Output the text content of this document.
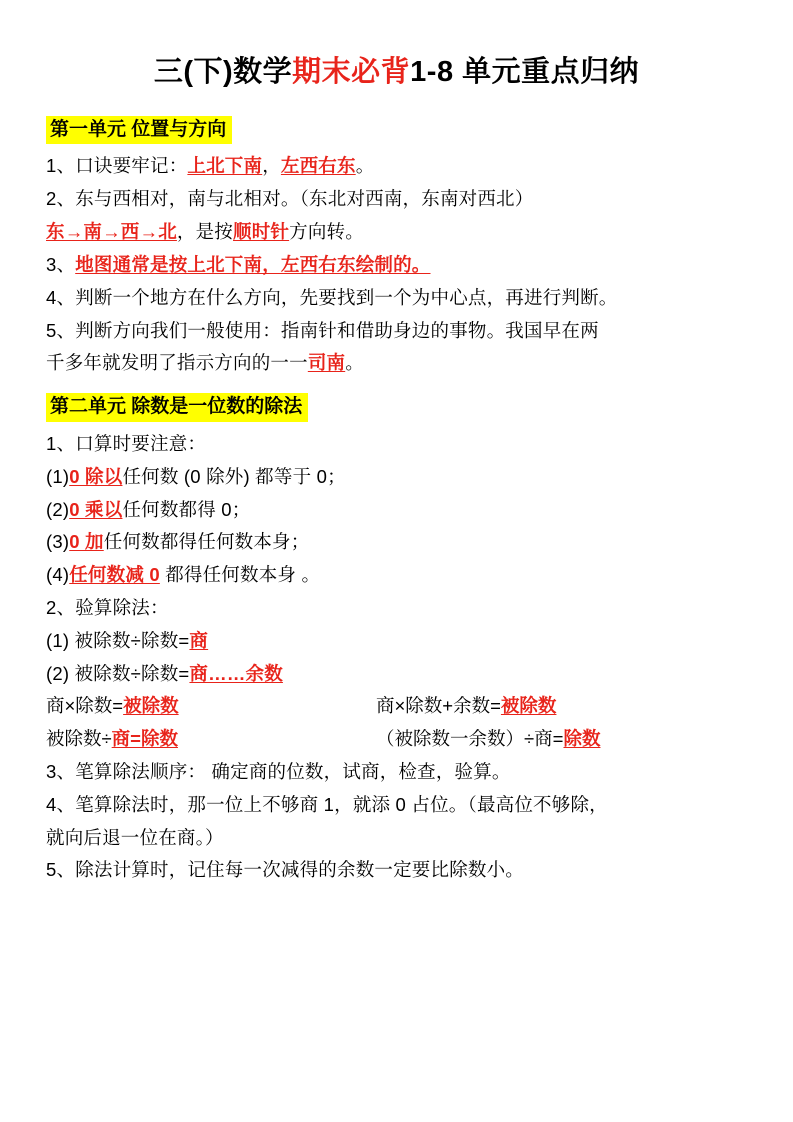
三(下)数学期末必背1-8 单元重点归纳
第一单元 位置与方向

1、口诀要牢记：上北下南，左西右东。

2、东与西相对，南与北相对。（东北对西南，东南对西北）

东→南→西→北，是按顺时针方向转。

3、地图通常是按上北下南，左西右东绘制的。

4、判断一个地方在什么方向，先要找到一个为中心点，再进行判断。

5、判断方向我们一般使用：指南针和借助身边的事物。我国早在两

千多年就发明了指示方向的一一司南。

第二单元 除数是一位数的除法

1、口算时要注意：

(1)0 除以任何数 (0 除外) 都等于 0；

(2)0 乘以任何数都得 0；

(3)0 加任何数都得任何数本身；

(4)任何数减 0 都得任何数本身 。

2、验算除法：

(1) 被除数÷除数=商

(2) 被除数÷除数=商……余数

商×除数=被除数	商×除数+余数=被除数
被除数÷商=除数	（被除数一余数）÷商=除数

3、笔算除法顺序： 确定商的位数，试商，检查，验算。

4、笔算除法时，那一位上不够商 1，就添 0 占位。（最高位不够除，

就向后退一位在商。）

5、除法计算时，记住每一次减得的余数一定要比除数小。
